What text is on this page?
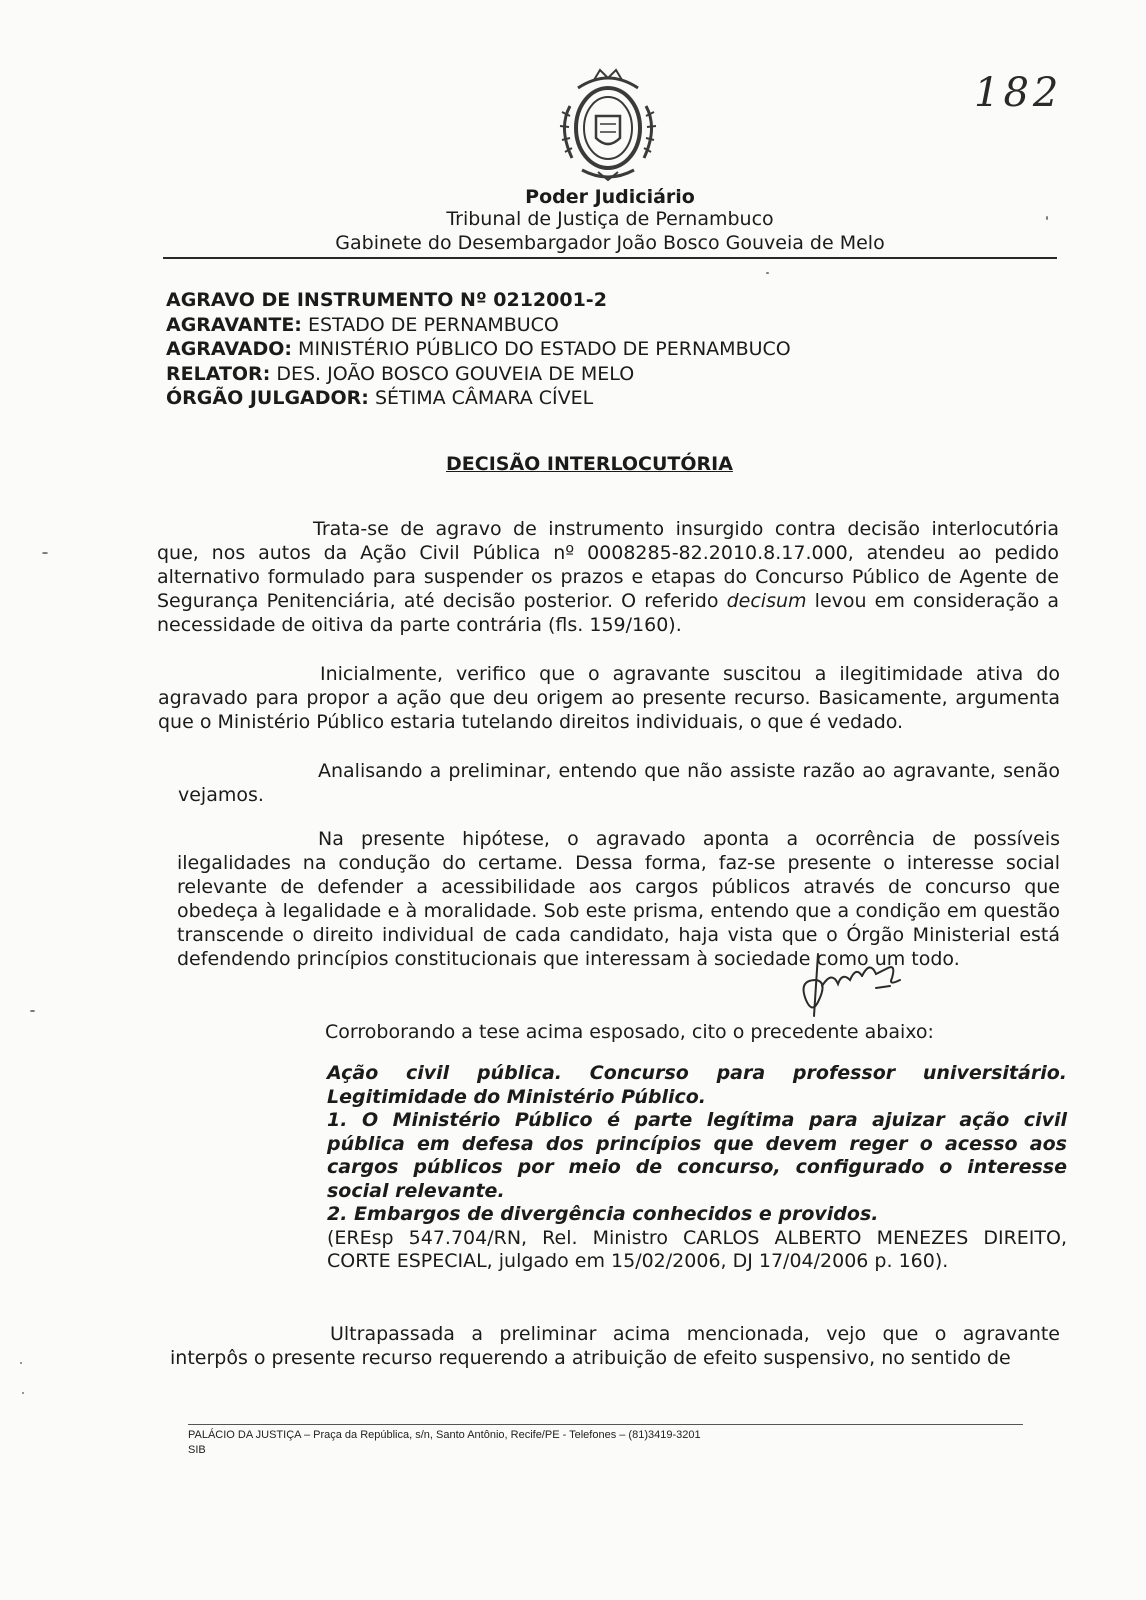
182
Poder Judiciário
Tribunal de Justiça de Pernambuco
Gabinete do Desembargador João Bosco Gouveia de Melo
AGRAVO DE INSTRUMENTO Nº 0212001-2
AGRAVANTE: ESTADO DE PERNAMBUCO
AGRAVADO: MINISTÉRIO PÚBLICO DO ESTADO DE PERNAMBUCO
RELATOR: DES. JOÃO BOSCO GOUVEIA DE MELO
ÓRGÃO JULGADOR: SÉTIMA CÂMARA CÍVEL
DECISÃO INTERLOCUTÓRIA
Trata-se de agravo de instrumento insurgido contra decisão interlocutória que, nos autos da Ação Civil Pública nº 0008285-82.2010.8.17.000, atendeu ao pedido alternativo formulado para suspender os prazos e etapas do Concurso Público de Agente de Segurança Penitenciária, até decisão posterior. O referido decisum levou em consideração a necessidade de oitiva da parte contrária (fls. 159/160).
Inicialmente, verifico que o agravante suscitou a ilegitimidade ativa do agravado para propor a ação que deu origem ao presente recurso. Basicamente, argumenta que o Ministério Público estaria tutelando direitos individuais, o que é vedado.
Analisando a preliminar, entendo que não assiste razão ao agravante, senão vejamos.
Na presente hipótese, o agravado aponta a ocorrência de possíveis ilegalidades na condução do certame. Dessa forma, faz-se presente o interesse social relevante de defender a acessibilidade aos cargos públicos através de concurso que obedeça à legalidade e à moralidade. Sob este prisma, entendo que a condição em questão transcende o direito individual de cada candidato, haja vista que o Órgão Ministerial está defendendo princípios constitucionais que interessam à sociedade como um todo.
Corroborando a tese acima esposado, cito o precedente abaixo:
Ação civil pública. Concurso para professor universitário.
Legitimidade do Ministério Público.
1. O Ministério Público é parte legítima para ajuizar ação civil pública em defesa dos princípios que devem reger o acesso aos cargos públicos por meio de concurso, configurado o interesse social relevante.
2. Embargos de divergência conhecidos e providos.
(EREsp 547.704/RN, Rel. Ministro CARLOS ALBERTO MENEZES DIREITO, CORTE ESPECIAL, julgado em 15/02/2006, DJ 17/04/2006 p. 160).
Ultrapassada a preliminar acima mencionada, vejo que o agravante interpôs o presente recurso requerendo a atribuição de efeito suspensivo, no sentido de
PALÁCIO DA JUSTIÇA – Praça da República, s/n, Santo Antônio, Recife/PE - Telefones – (81)3419-3201
SIB
